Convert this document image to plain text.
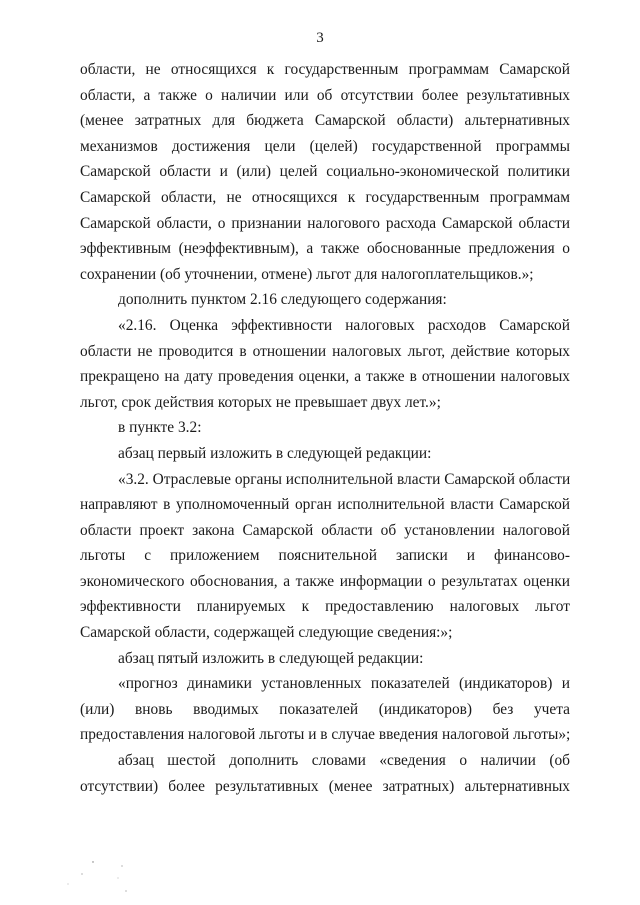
3
области, не относящихся к государственным программам Самарской
области, а также о наличии или об отсутствии более результативных
(менее затратных для бюджета Самарской области) альтернативных
механизмов достижения цели (целей) государственной программы
Самарской области и (или) целей социально-экономической политики
Самарской области, не относящихся к государственным программам
Самарской области, о признании налогового расхода Самарской области
эффективным (неэффективным), а также обоснованные предложения о
сохранении (об уточнении, отмене) льгот для налогоплательщиков.»;
дополнить пунктом 2.16 следующего содержания:
«2.16. Оценка эффективности налоговых расходов Самарской
области не проводится в отношении налоговых льгот, действие которых
прекращено на дату проведения оценки, а также в отношении налоговых
льгот, срок действия которых не превышает двух лет.»;
в пункте 3.2:
абзац первый изложить в следующей редакции:
«3.2. Отраслевые органы исполнительной власти Самарской области
направляют в уполномоченный орган исполнительной власти Самарской
области проект закона Самарской области об установлении налоговой
льготы с приложением пояснительной записки и финансово-
экономического обоснования, а также информации о результатах оценки
эффективности планируемых к предоставлению налоговых льгот
Самарской области, содержащей следующие сведения:»;
абзац пятый изложить в следующей редакции:
«прогноз динамики установленных показателей (индикаторов) и
(или) вновь вводимых показателей (индикаторов) без учета
предоставления налоговой льготы и в случае введения налоговой льготы»;
абзац шестой дополнить словами «сведения о наличии (об
отсутствии) более результативных (менее затратных) альтернативных
